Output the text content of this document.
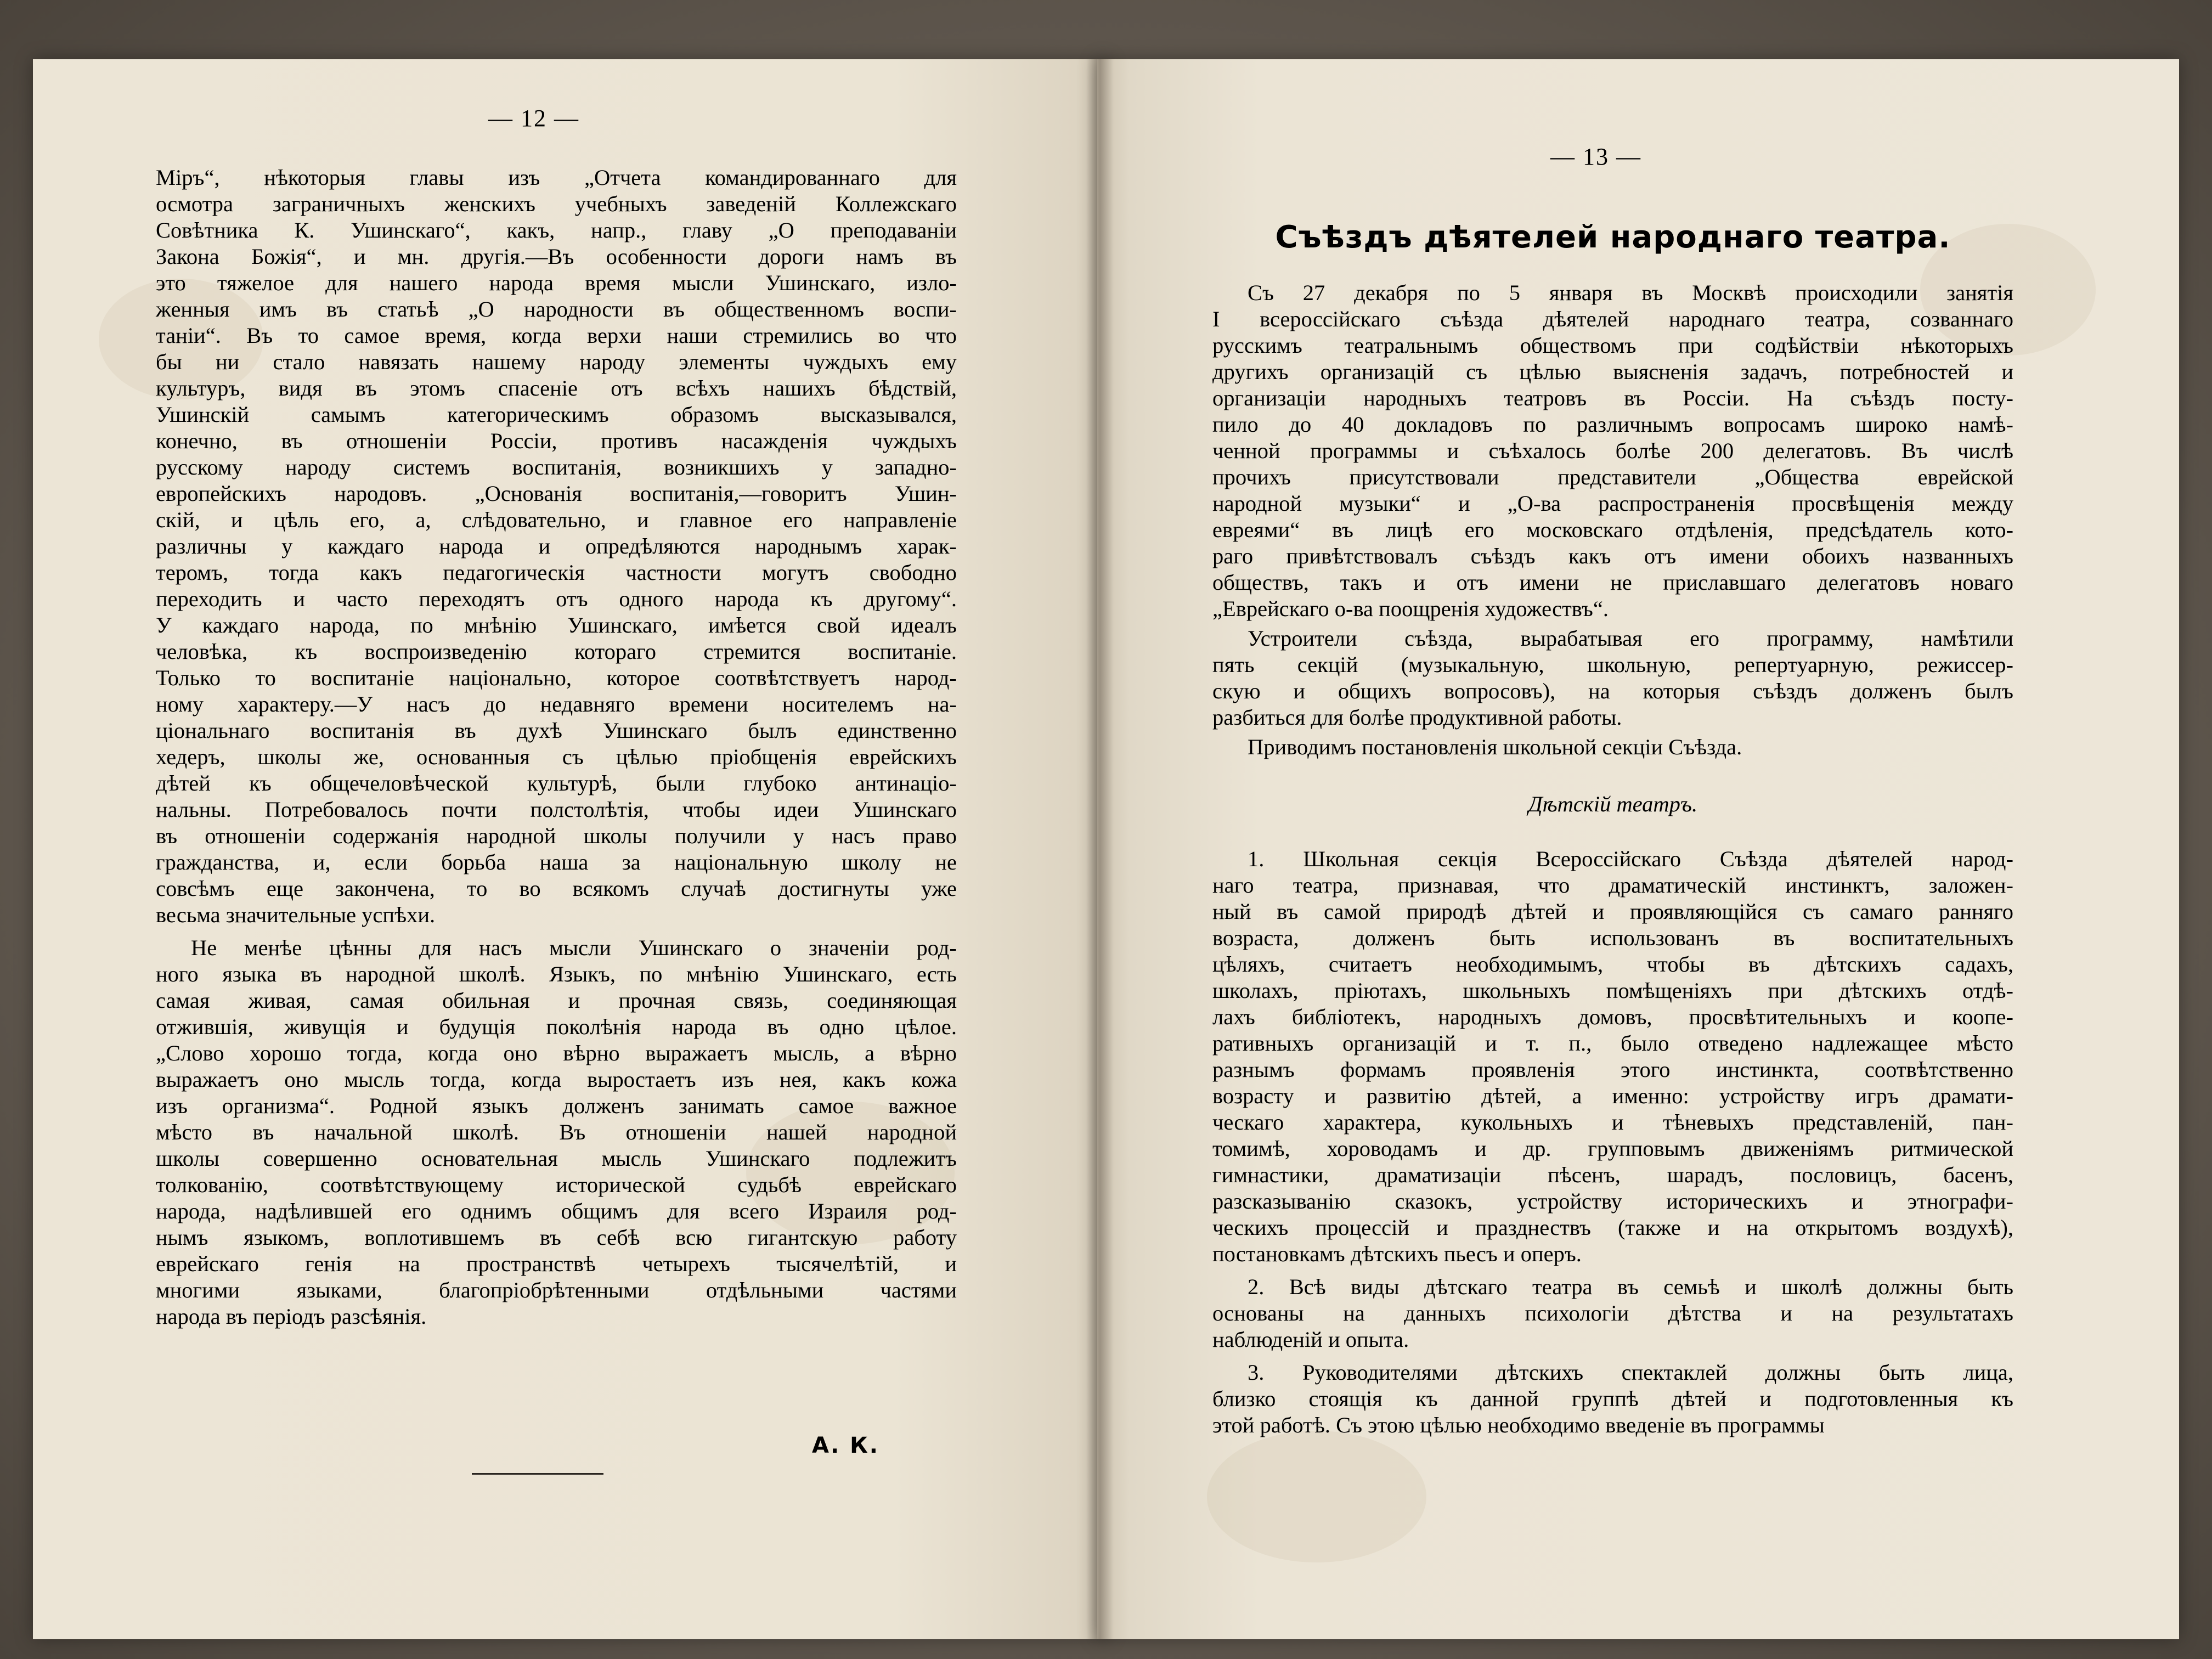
— 12 —
Міръ“, нѣкоторыя главы изъ „Отчета командированнаго для
осмотра заграничныхъ женскихъ учебныхъ заведеній Коллежскаго
Совѣтника К. Ушинскаго“, какъ, напр., главу „О преподаваніи
Закона Божія“, и мн. другія.—Въ особенности дороги намъ въ
это тяжелое для нашего народа время мысли Ушинскаго, изло-
женныя имъ въ статьѣ „О народности въ общественномъ воспи-
таніи“. Въ то самое время, когда верхи наши стремились во что
бы ни стало навязать нашему народу элементы чуждыхъ ему
культуръ, видя въ этомъ спасеніе отъ всѣхъ нашихъ бѣдствій,
Ушинскій самымъ категорическимъ образомъ высказывался,
конечно, въ отношеніи Россіи, противъ насажденія чуждыхъ
русскому народу системъ воспитанія, возникшихъ у западно-
европейскихъ народовъ. „Основанія воспитанія,—говоритъ Ушин-
скій, и цѣль его, а, слѣдовательно, и главное его направленіе
различны у каждаго народа и опредѣляются народнымъ харак-
теромъ, тогда какъ педагогическія частности могутъ свободно
переходить и часто переходятъ отъ одного народа къ другому“.
У каждаго народа, по мнѣнію Ушинскаго, имѣется свой идеалъ
человѣка, къ воспроизведенію котораго стремится воспитаніе.
Только то воспитаніе національно, которое соотвѣтствуетъ народ-
ному характеру.—У насъ до недавняго времени носителемъ на-
ціональнаго воспитанія въ духѣ Ушинскаго былъ единственно
хедеръ, школы же, основанныя съ цѣлью пріобщенія еврейскихъ
дѣтей къ общечеловѣческой культурѣ, были глубоко антинаціо-
нальны. Потребовалось почти полстолѣтія, чтобы идеи Ушинскаго
въ отношеніи содержанія народной школы получили у насъ право
гражданства, и, если борьба наша за національную школу не
совсѣмъ еще закончена, то во всякомъ случаѣ достигнуты уже
весьма значительные успѣхи.
Не менѣе цѣнны для насъ мысли Ушинскаго о значеніи род-
ного языка въ народной школѣ. Языкъ, по мнѣнію Ушинскаго, есть
самая живая, самая обильная и прочная связь, соединяющая
отжившія, живущія и будущія поколѣнія народа въ одно цѣлое.
„Слово хорошо тогда, когда оно вѣрно выражаетъ мысль, а вѣрно
выражаетъ оно мысль тогда, когда выростаетъ изъ нея, какъ кожа
изъ организма“. Родной языкъ долженъ занимать самое важное
мѣсто въ начальной школѣ. Въ отношеніи нашей народной
школы совершенно основательная мысль Ушинскаго подлежитъ
толкованію, соотвѣтствующему исторической судьбѣ еврейскаго
народа, надѣлившей его однимъ общимъ для всего Израиля род-
нымъ языкомъ, воплотившемъ въ себѣ всю гигантскую работу
еврейскаго генія на пространствѣ четырехъ тысячелѣтій, и
многими языками, благопріобрѣтенными отдѣльными частями
народа въ періодъ разсѣянія.
А. К.
— 13 —
Съѣздъ дѣятелей народнаго театра.
Съ 27 декабря по 5 января въ Москвѣ происходили занятія
I всероссійскаго съѣзда дѣятелей народнаго театра, созваннаго
русскимъ театральнымъ обществомъ при содѣйствіи нѣкоторыхъ
другихъ организацій съ цѣлью выясненія задачъ, потребностей и
организаціи народныхъ театровъ въ Россіи. На съѣздъ посту-
пило до 40 докладовъ по различнымъ вопросамъ широко намѣ-
ченной программы и съѣхалось болѣе 200 делегатовъ. Въ числѣ
прочихъ присутствовали представители „Общества еврейской
народной музыки“ и „О-ва распространенія просвѣщенія между
евреями“ въ лицѣ его московскаго отдѣленія, предсѣдатель кото-
раго привѣтствовалъ съѣздъ какъ отъ имени обоихъ названныхъ
обществъ, такъ и отъ имени не приславшаго делегатовъ новаго
„Еврейскаго о-ва поощренія художествъ“.
Устроители съѣзда, вырабатывая его программу, намѣтили
пять секцій (музыкальную, школьную, репертуарную, режиссер-
скую и общихъ вопросовъ), на которыя съѣздъ долженъ былъ
разбиться для болѣе продуктивной работы.
Приводимъ постановленія школьной секціи Съѣзда.
Дѣтскій театръ.
1. Школьная секція Всероссійскаго Съѣзда дѣятелей народ-
наго театра, признавая, что драматическій инстинктъ, заложен-
ный въ самой природѣ дѣтей и проявляющійся съ самаго ранняго
возраста, долженъ быть использованъ въ воспитательныхъ
цѣляхъ, считаетъ необходимымъ, чтобы въ дѣтскихъ садахъ,
школахъ, пріютахъ, школьныхъ помѣщеніяхъ при дѣтскихъ отдѣ-
лахъ библіотекъ, народныхъ домовъ, просвѣтительныхъ и коопе-
ративныхъ организацій и т. п., было отведено надлежащее мѣсто
разнымъ формамъ проявленія этого инстинкта, соотвѣтственно
возрасту и развитію дѣтей, а именно: устройству игръ драмати-
ческаго характера, кукольныхъ и тѣневыхъ представленій, пан-
томимѣ, хороводамъ и др. групповымъ движеніямъ ритмической
гимнастики, драматизаціи пѣсенъ, шарадъ, пословицъ, басенъ,
разсказыванію сказокъ, устройству историческихъ и этнографи-
ческихъ процессій и празднествъ (также и на открытомъ воздухѣ),
постановкамъ дѣтскихъ пьесъ и оперъ.
2. Всѣ виды дѣтскаго театра въ семьѣ и школѣ должны быть
основаны на данныхъ психологіи дѣтства и на результатахъ
наблюденій и опыта.
3. Руководителями дѣтскихъ спектаклей должны быть лица,
близко стоящія къ данной группѣ дѣтей и подготовленныя къ
этой работѣ. Съ этою цѣлью необходимо введеніе въ программы
